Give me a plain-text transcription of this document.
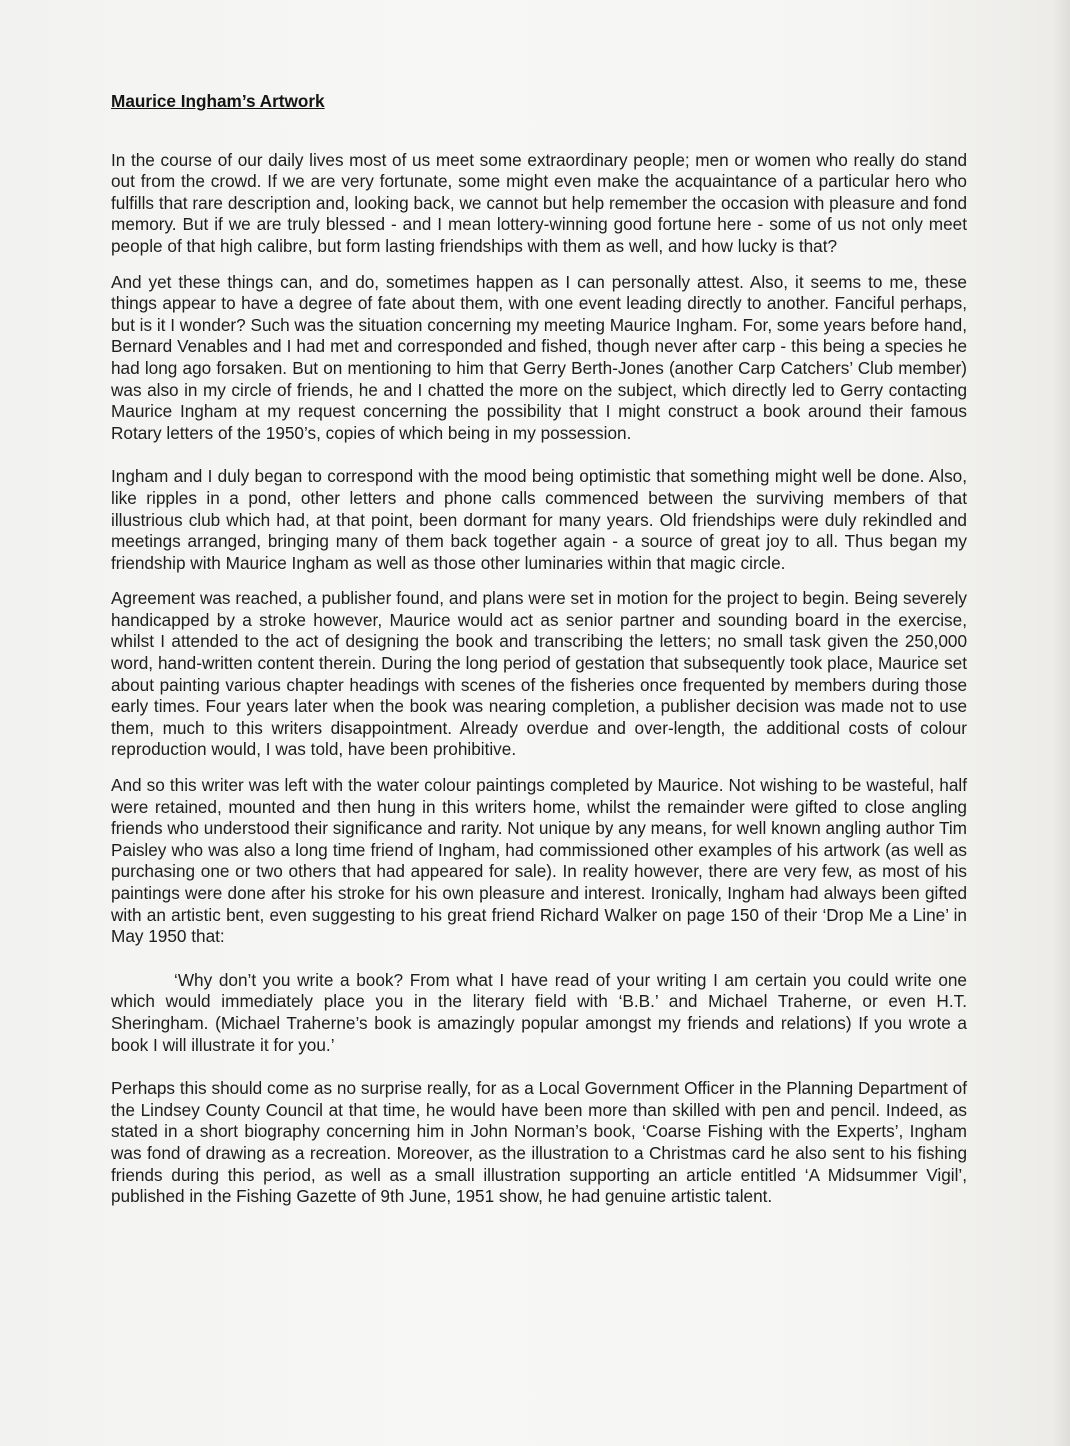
Maurice Ingham’s Artwork

In the course of our daily lives most of us meet some extraordinary people; men or women who really do stand out from the crowd. If we are very fortunate, some might even make the acquaintance of a particular hero who fulfills that rare description and, looking back, we cannot but help remember the occasion with pleasure and fond memory. But if we are truly blessed - and I mean lottery-winning good fortune here - some of us not only meet people of that high calibre, but form lasting friendships with them as well, and how lucky is that?

And yet these things can, and do, sometimes happen as I can personally attest. Also, it seems to me, these things appear to have a degree of fate about them, with one event leading directly to another. Fanciful perhaps, but is it I wonder? Such was the situation concerning my meeting Maurice Ingham. For, some years before hand, Bernard Venables and I had met and corresponded and fished, though never after carp - this being a species he had long ago forsaken. But on mentioning to him that Gerry Berth-Jones (another Carp Catchers’ Club member) was also in my circle of friends, he and I chatted the more on the subject, which directly led to Gerry contacting Maurice Ingham at my request concerning the possibility that I might construct a book around their famous Rotary letters of the 1950’s, copies of which being in my possession.

Ingham and I duly began to correspond with the mood being optimistic that something might well be done. Also, like ripples in a pond, other letters and phone calls commenced between the surviving members of that illustrious club which had, at that point, been dormant for many years. Old friendships were duly rekindled and meetings arranged, bringing many of them back together again - a source of great joy to all. Thus began my friendship with Maurice Ingham as well as those other luminaries within that magic circle.

Agreement was reached, a publisher found, and plans were set in motion for the project to begin. Being severely handicapped by a stroke however, Maurice would act as senior partner and sounding board in the exercise, whilst I attended to the act of designing the book and transcribing the letters; no small task given the 250,000 word, hand-written content therein. During the long period of gestation that subsequently took place, Maurice set about painting various chapter headings with scenes of the fisheries once frequented by members during those early times. Four years later when the book was nearing completion, a publisher decision was made not to use them, much to this writers disappointment. Already overdue and over-length, the additional costs of colour reproduction would, I was told, have been prohibitive.

And so this writer was left with the water colour paintings completed by Maurice. Not wishing to be wasteful, half were retained, mounted and then hung in this writers home, whilst the remainder were gifted to close angling friends who understood their significance and rarity. Not unique by any means, for well known angling author Tim Paisley who was also a long time friend of Ingham, had commissioned other examples of his artwork (as well as purchasing one or two others that had appeared for sale). In reality however, there are very few, as most of his paintings were done after his stroke for his own pleasure and interest. Ironically, Ingham had always been gifted with an artistic bent, even suggesting to his great friend Richard Walker on page 150 of their ‘Drop Me a Line’ in May 1950 that:

‘Why don’t you write a book? From what I have read of your writing I am certain you could write one which would immediately place you in the literary field with ‘B.B.’ and Michael Traherne, or even H.T. Sheringham. (Michael Traherne’s book is amazingly popular amongst my friends and relations) If you wrote a book I will illustrate it for you.’

Perhaps this should come as no surprise really, for as a Local Government Officer in the Planning Department of the Lindsey County Council at that time, he would have been more than skilled with pen and pencil. Indeed, as stated in a short biography concerning him in John Norman’s book, ‘Coarse Fishing with the Experts’, Ingham was fond of drawing as a recreation. Moreover, as the illustration to a Christmas card he also sent to his fishing friends during this period, as well as a small illustration supporting an article entitled ‘A Midsummer Vigil’, published in the Fishing Gazette of 9th June, 1951 show, he had genuine artistic talent.
